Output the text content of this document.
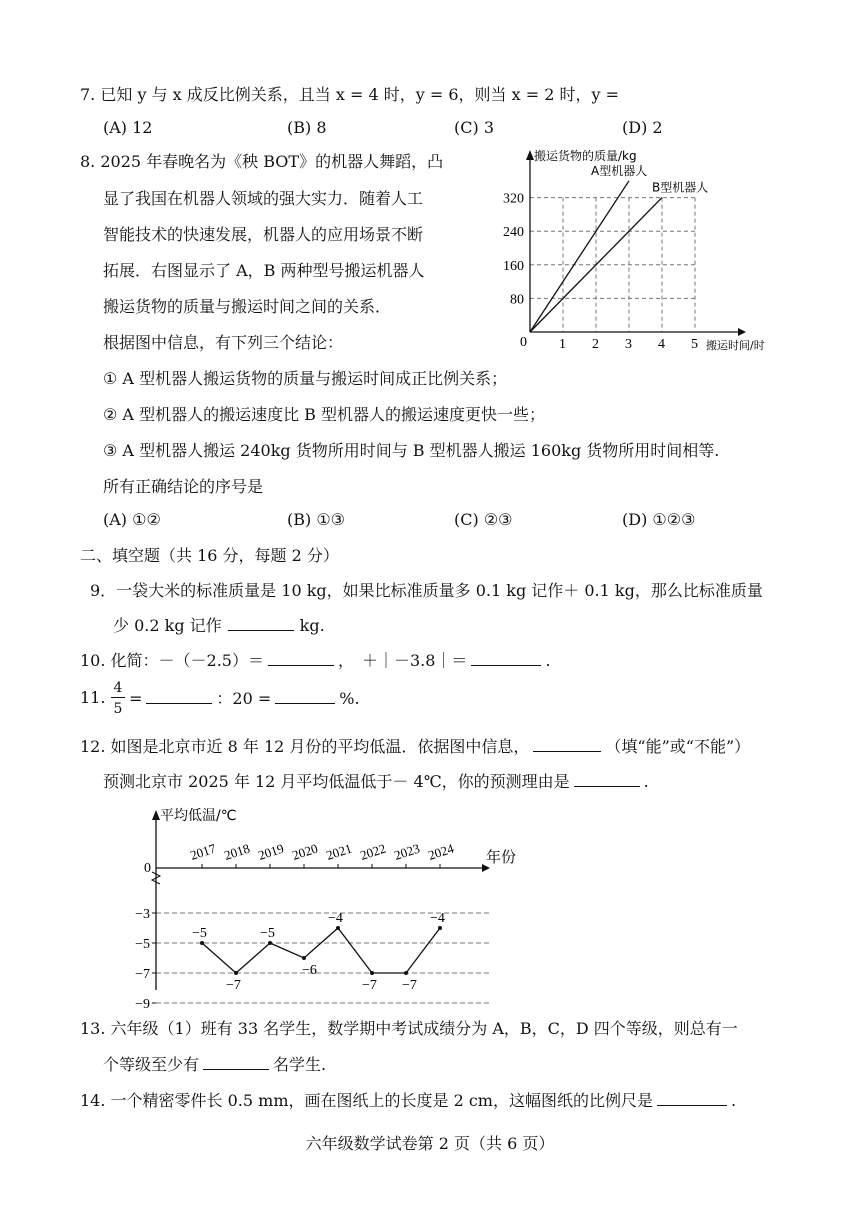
7. 已知 y 与 x 成反比例关系，且当 x = 4 时，y = 6，则当 x = 2 时，y =
(A) 12	(B) 8	(C) 3	(D) 2
8. 2025 年春晚名为《秧 BOT》的机器人舞蹈，凸
显了我国在机器人领域的强大实力．随着人工
智能技术的快速发展，机器人的应用场景不断
拓展．右图显示了 A，B 两种型号搬运机器人
搬运货物的质量与搬运时间之间的关系．
根据图中信息，有下列三个结论：
搬运货物的质量/kg
搬运时间/时
0 1 2 3 4 5
80
160
240
320
A型机器人
B型机器人
① A 型机器人搬运货物的质量与搬运时间成正比例关系；
② A 型机器人的搬运速度比 B 型机器人的搬运速度更快一些；
③ A 型机器人搬运 240kg 货物所用时间与 B 型机器人搬运 160kg 货物所用时间相等.
所有正确结论的序号是
(A) ①②	(B) ①③	(C) ②③	(D) ①②③
二、填空题（共 16 分，每题 2 分）
9．一袋大米的标准质量是 10 kg，如果比标准质量多 0.1 kg 记作＋ 0.1 kg，那么比标准质量
少 0.2 kg 记作	kg.
10. 化简：－（－2.5）＝	，　＋｜－3.8｜＝	.
11. 4
5
=	：20 =	%.
12. 如图是北京市近 8 年 12 月份的平均低温．依据图中信息，	（填“能”或“不能”）
预测北京市 2025 年 12 月平均低温低于－ 4℃，你的预测理由是	.
平均低温/℃
年份
0
−3
−5
−7
−9
2017 2018 2019 2020 2021 2022 2023 2024
−5
−7
−5
−6
−4
−7 −7
−4
13. 六年级（1）班有 33 名学生，数学期中考试成绩分为 A，B，C，D 四个等级，则总有一
个等级至少有	名学生.
14. 一个精密零件长 0.5 mm，画在图纸上的长度是 2 cm，这幅图纸的比例尺是	.
六年级数学试卷第 2 页（共 6 页）
